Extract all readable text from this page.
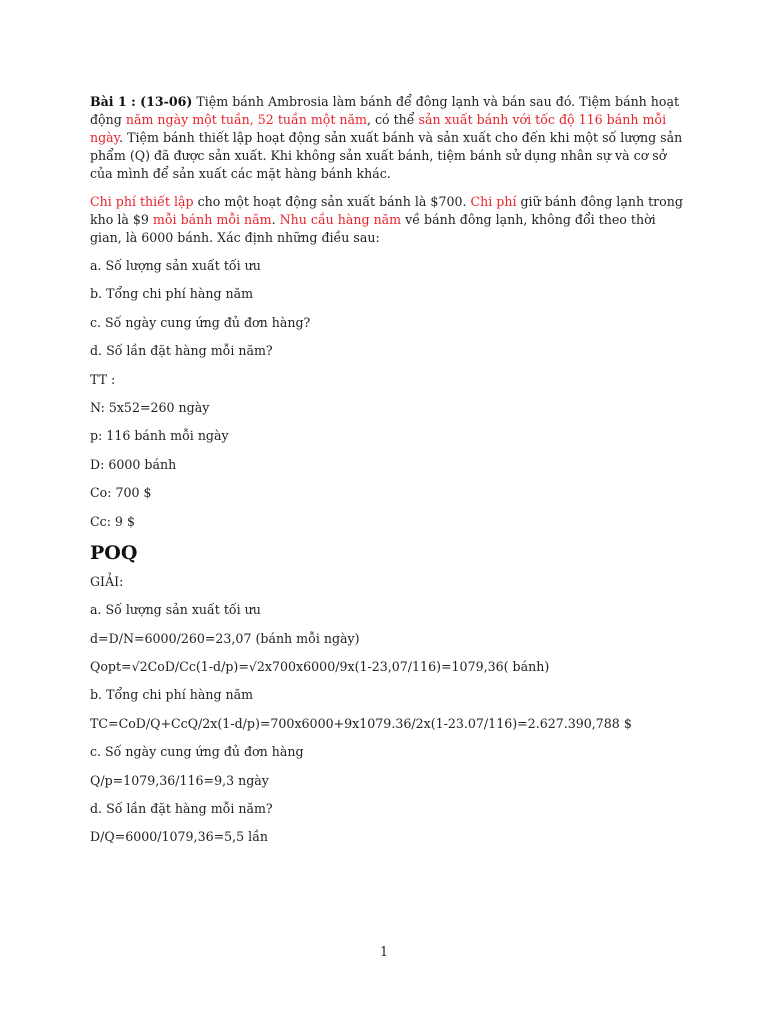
Bài 1 : (13-06) Tiệm bánh Ambrosia làm bánh để đông lạnh và bán sau đó. Tiệm bánh hoạt động năm ngày một tuần, 52 tuần một năm, có thể sản xuất bánh với tốc độ 116 bánh mỗi ngày. Tiệm bánh thiết lập hoạt động sản xuất bánh và sản xuất cho đến khi một số lượng sản phẩm (Q) đã được sản xuất. Khi không sản xuất bánh, tiệm bánh sử dụng nhân sự và cơ sở của mình để sản xuất các mặt hàng bánh khác.

Chi phí thiết lập cho một hoạt động sản xuất bánh là $700. Chi phí giữ bánh đông lạnh trong kho là $9 mỗi bánh mỗi năm. Nhu cầu hàng năm về bánh đông lạnh, không đổi theo thời gian, là 6000 bánh. Xác định những điều sau:

a. Số lượng sản xuất tối ưu

b. Tổng chi phí hàng năm

c. Số ngày cung ứng đủ đơn hàng?

d. Số lần đặt hàng mỗi năm?

TT :

N: 5x52=260 ngày

p: 116 bánh mỗi ngày

D: 6000 bánh

Co: 700 $

Cc: 9 $

POQ

GIẢI:

a. Số lượng sản xuất tối ưu

d=D/N=6000/260=23,07 (bánh mỗi ngày)

Qopt=√2CoD/Cc(1-d/p)=√2x700x6000/9x(1-23,07/116)=1079,36( bánh)

b. Tổng chi phí hàng năm

TC=CoD/Q+CcQ/2x(1-d/p)=700x6000+9x1079.36/2x(1-23.07/116)=2.627.390,788 $

c. Số ngày cung ứng đủ đơn hàng

Q/p=1079,36/116=9,3 ngày

d. Số lần đặt hàng mỗi năm?

D/Q=6000/1079,36=5,5 lần

1
